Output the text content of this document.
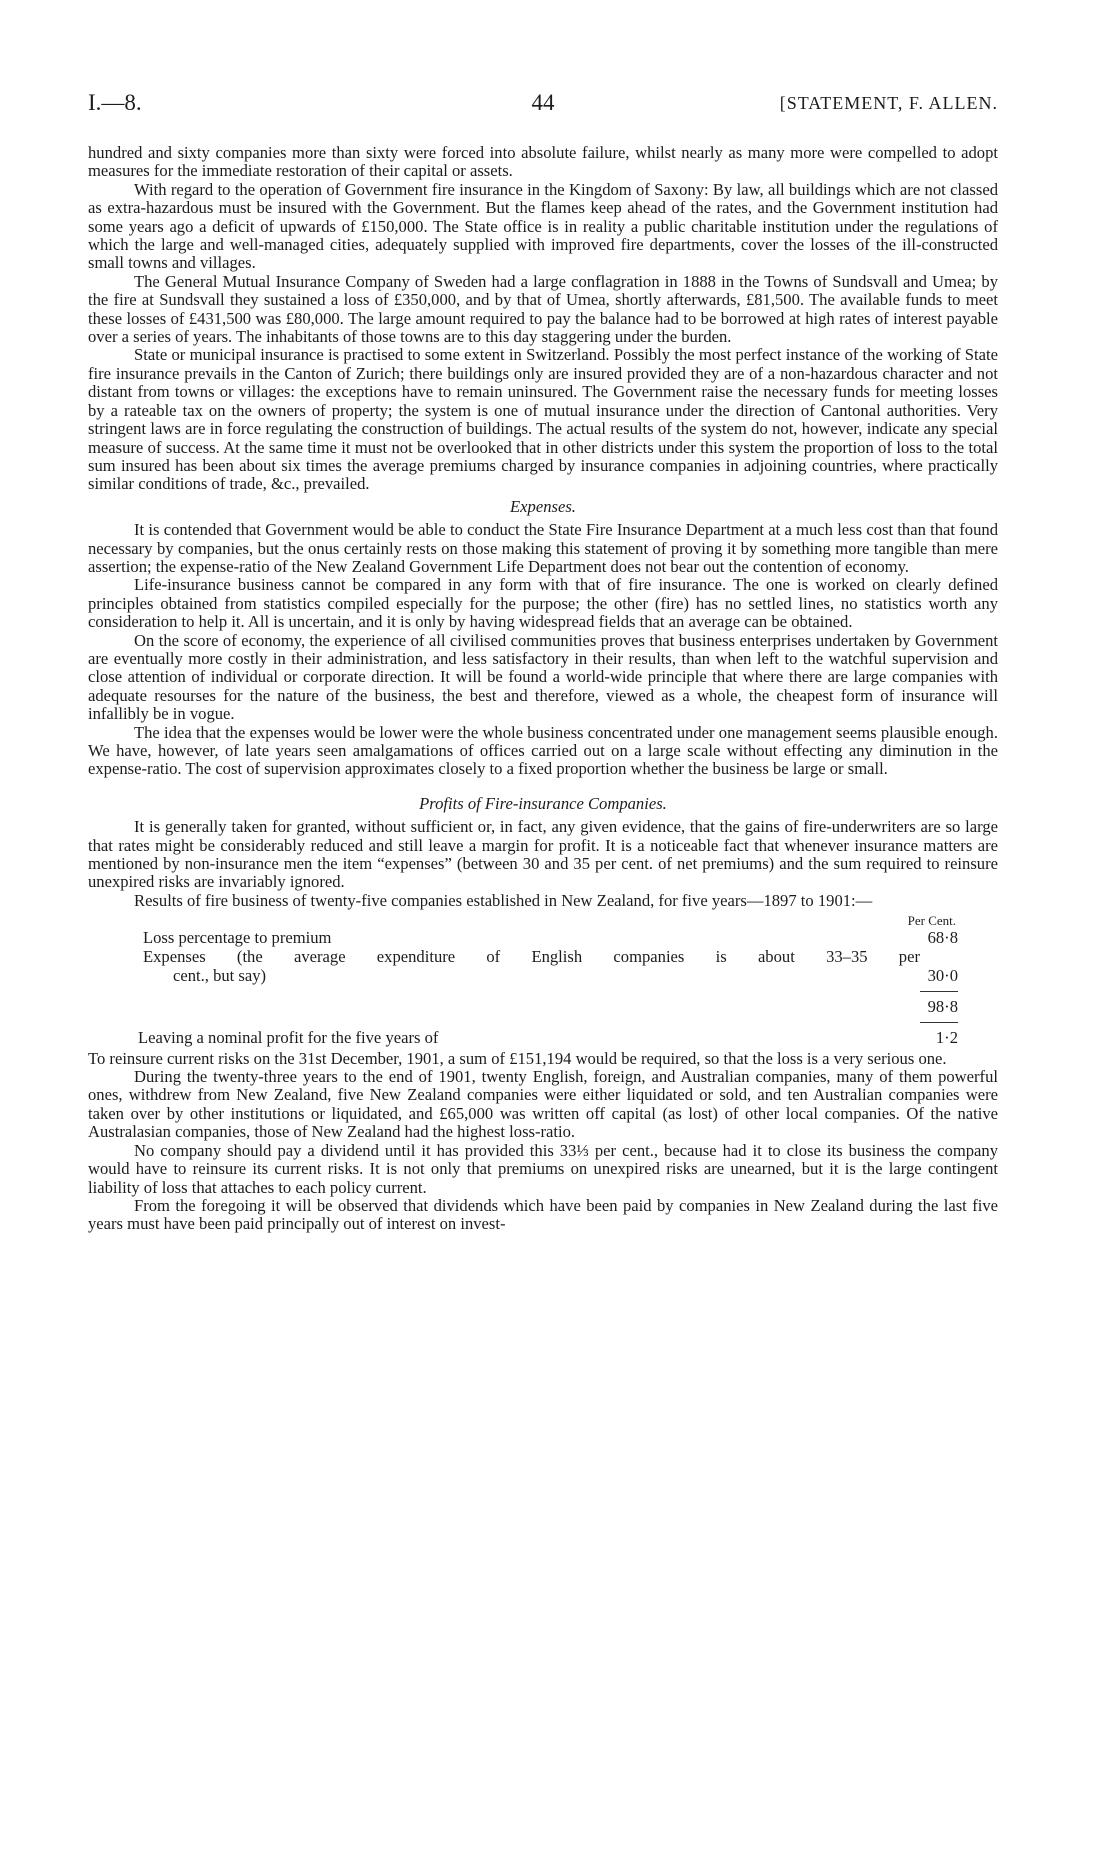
I.—8.	44	[STATEMENT, F. ALLEN.

hundred and sixty companies more than sixty were forced into absolute failure, whilst nearly as many more were compelled to adopt measures for the immediate restoration of their capital or assets.

With regard to the operation of Government fire insurance in the Kingdom of Saxony: By law, all buildings which are not classed as extra-hazardous must be insured with the Government. But the flames keep ahead of the rates, and the Government institution had some years ago a deficit of upwards of £150,000. The State office is in reality a public charitable institution under the regulations of which the large and well-managed cities, adequately supplied with improved fire departments, cover the losses of the ill-constructed small towns and villages.

The General Mutual Insurance Company of Sweden had a large conflagration in 1888 in the Towns of Sundsvall and Umea; by the fire at Sundsvall they sustained a loss of £350,000, and by that of Umea, shortly afterwards, £81,500. The available funds to meet these losses of £431,500 was £80,000. The large amount required to pay the balance had to be borrowed at high rates of interest payable over a series of years. The inhabitants of those towns are to this day staggering under the burden.

State or municipal insurance is practised to some extent in Switzerland. Possibly the most perfect instance of the working of State fire insurance prevails in the Canton of Zurich; there buildings only are insured provided they are of a non-hazardous character and not distant from towns or villages: the exceptions have to remain uninsured. The Government raise the necessary funds for meeting losses by a rateable tax on the owners of property; the system is one of mutual insurance under the direction of Cantonal authorities. Very stringent laws are in force regulating the construction of buildings. The actual results of the system do not, however, indicate any special measure of success. At the same time it must not be overlooked that in other districts under this system the proportion of loss to the total sum insured has been about six times the average premiums charged by insurance companies in adjoining countries, where practically similar conditions of trade, &c., prevailed.

Expenses.

It is contended that Government would be able to conduct the State Fire Insurance Department at a much less cost than that found necessary by companies, but the onus certainly rests on those making this statement of proving it by something more tangible than mere assertion; the expense-ratio of the New Zealand Government Life Department does not bear out the contention of economy.

Life-insurance business cannot be compared in any form with that of fire insurance. The one is worked on clearly defined principles obtained from statistics compiled especially for the purpose; the other (fire) has no settled lines, no statistics worth any consideration to help it. All is uncertain, and it is only by having widespread fields that an average can be obtained.

On the score of economy, the experience of all civilised communities proves that business enterprises undertaken by Government are eventually more costly in their administration, and less satisfactory in their results, than when left to the watchful supervision and close attention of individual or corporate direction. It will be found a world-wide principle that where there are large companies with adequate resourses for the nature of the business, the best and therefore, viewed as a whole, the cheapest form of insurance will infallibly be in vogue.

The idea that the expenses would be lower were the whole business concentrated under one management seems plausible enough. We have, however, of late years seen amalgamations of offices carried out on a large scale without effecting any diminution in the expense-ratio. The cost of supervision approximates closely to a fixed proportion whether the business be large or small.

Profits of Fire-insurance Companies.

It is generally taken for granted, without sufficient or, in fact, any given evidence, that the gains of fire-underwriters are so large that rates might be considerably reduced and still leave a margin for profit. It is a noticeable fact that whenever insurance matters are mentioned by non-insurance men the item “expenses” (between 30 and 35 per cent. of net premiums) and the sum required to reinsure unexpired risks are invariably ignored.

Results of fire business of twenty-five companies established in New Zealand, for five years—1897 to 1901:—

Per Cent.
Loss percentage to premium	68·8
Expenses (the average expenditure of English companies is about 33–35 per
cent., but say)	30·0
98·8
Leaving a nominal profit for the five years of	1·2

To reinsure current risks on the 31st December, 1901, a sum of £151,194 would be required, so that the loss is a very serious one.

During the twenty-three years to the end of 1901, twenty English, foreign, and Australian companies, many of them powerful ones, withdrew from New Zealand, five New Zealand companies were either liquidated or sold, and ten Australian companies were taken over by other institutions or liquidated, and £65,000 was written off capital (as lost) of other local companies. Of the native Australasian companies, those of New Zealand had the highest loss-ratio.

No company should pay a dividend until it has provided this 33⅓ per cent., because had it to close its business the company would have to reinsure its current risks. It is not only that premiums on unexpired risks are unearned, but it is the large contingent liability of loss that attaches to each policy current.

From the foregoing it will be observed that dividends which have been paid by companies in New Zealand during the last five years must have been paid principally out of interest on invest-
